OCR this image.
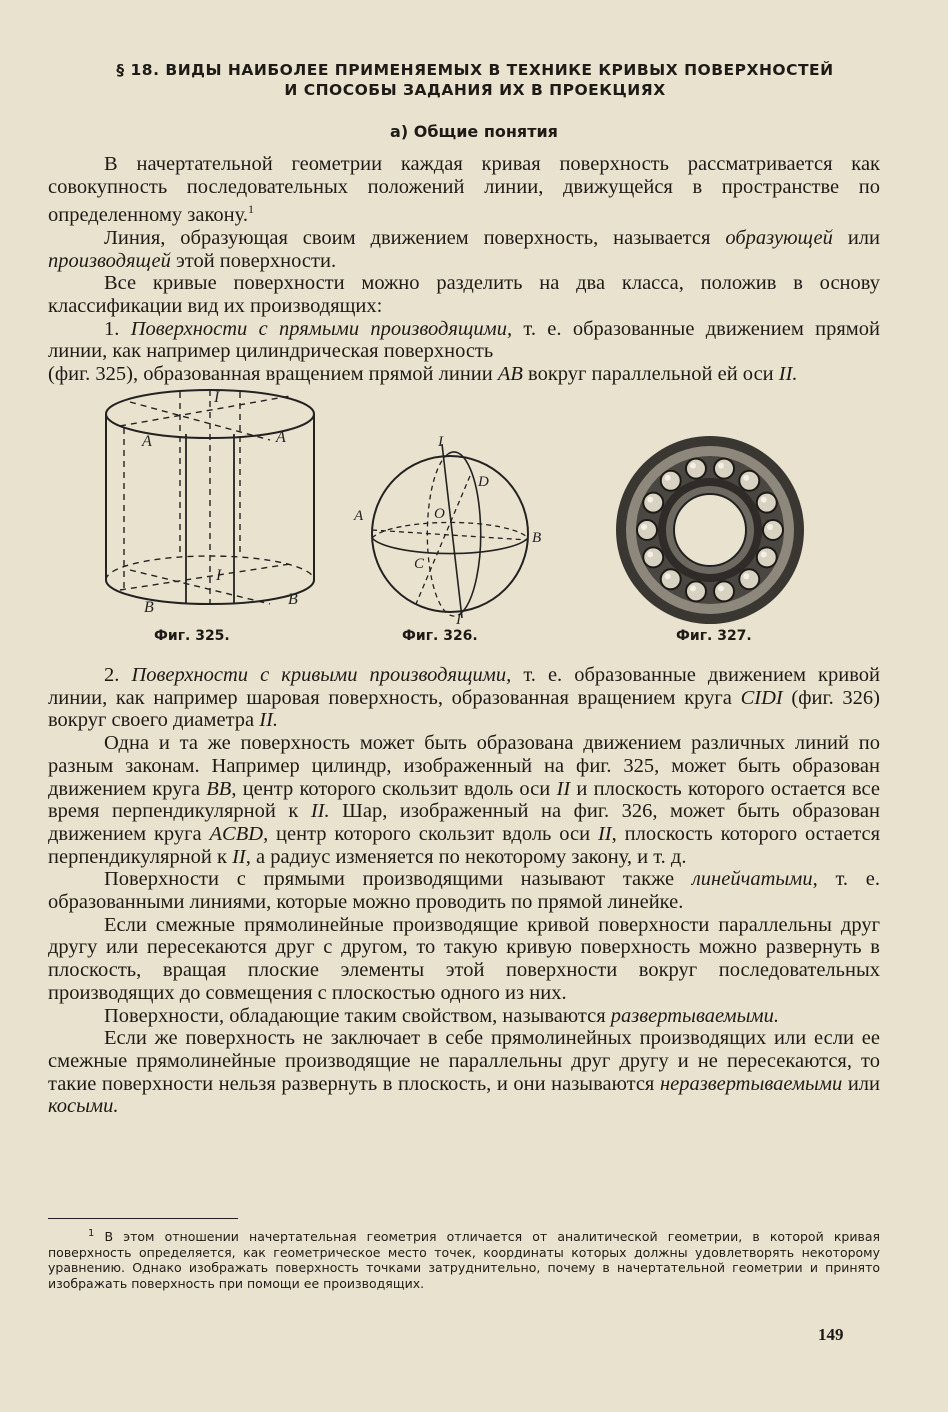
§ 18. ВИДЫ НАИБОЛЕЕ ПРИМЕНЯЕМЫХ В ТЕХНИКЕ КРИВЫХ ПОВЕРХНОСТЕЙ
И СПОСОБЫ ЗАДАНИЯ ИХ В ПРОЕКЦИЯХ
а) Общие понятия

В начертательной геометрии каждая кривая поверхность рассматривается как совокупность последовательных положений линии, движущейся в пространстве по определенному закону.$^1$

Линия, образующая своим движением поверхность, называется образующей или производящей этой поверхности.

Все кривые поверхности можно разделить на два класса, положив в основу классификации вид их производящих:

1. Поверхности с прямыми производящими, т. е. образованные движением прямой линии, как например цилиндрическая поверхность

(фиг. 325), образованная вращением прямой линии AB вокруг параллельной ей оси II.

I
A	A
I
B	B
Фиг. 325.
I
D
A	O
B
C
I
Фиг. 326.	Фиг. 327.

2. Поверхности с кривыми производящими, т. е. образованные движением кривой линии, как например шаровая поверхность, образованная вращением круга CIDI (фиг. 326) вокруг своего диаметра II.

Одна и та же поверхность может быть образована движением различных линий по разным законам. Например цилиндр, изображенный на фиг. 325, может быть образован движением круга BB, центр которого скользит вдоль оси II и плоскость которого остается все время перпендикулярной к II. Шар, изображенный на фиг. 326, может быть образован движением круга ACBD, центр которого скользит вдоль оси II, плоскость которого остается перпендикулярной к II, а радиус изменяется по некоторому закону, и т. д.

Поверхности с прямыми производящими называют также линейчатыми, т. е. образованными линиями, которые можно проводить по прямой линейке.

Если смежные прямолинейные производящие кривой поверхности параллельны друг другу или пересекаются друг с другом, то такую кривую поверхность можно развернуть в плоскость, вращая плоские элементы этой поверхности вокруг последовательных производящих до совмещения с плоскостью одного из них.

Поверхности, обладающие таким свойством, называются развертываемыми.

Если же поверхность не заключает в себе прямолинейных производящих или если ее смежные прямолинейные производящие не параллельны друг другу и не пересекаются, то такие поверхности нельзя развернуть в плоскость, и они называются неразвертываемыми или косыми.

$^1$ В этом отношении начертательная геометрия отличается от аналитической геометрии, в которой кривая поверхность определяется, как геометрическое место точек, координаты которых должны удовлетворять некоторому уравнению. Однако изображать поверхность точками затруднительно, почему в начертательной геометрии и принято изображать поверхность при помощи ее производящих.

149
